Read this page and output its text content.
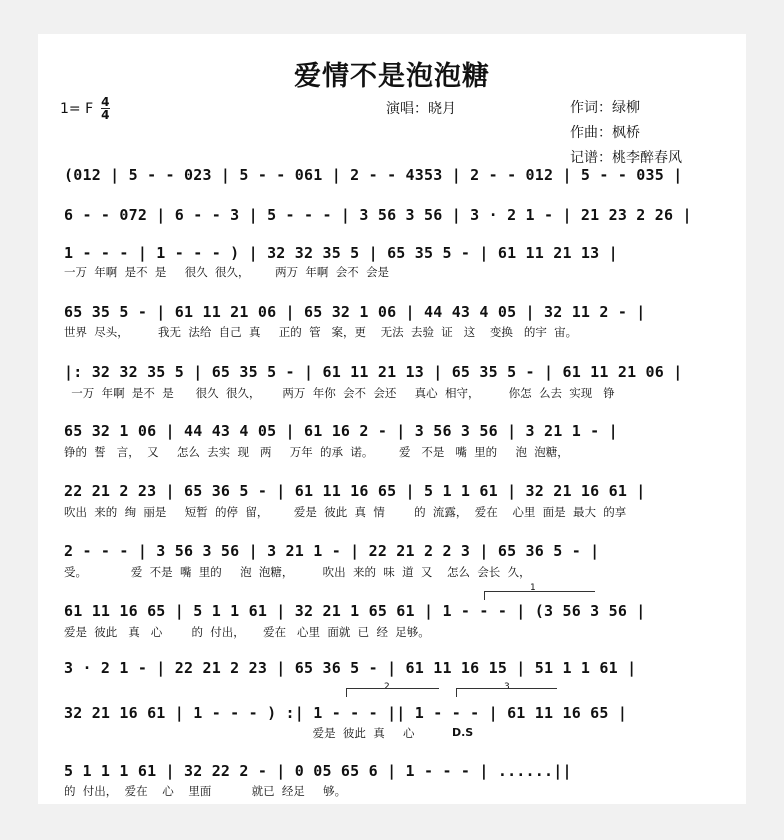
爱情不是泡泡糖
1= F 4
4	演唱：晓月	作词：绿柳
作曲：枫桥
记谱：桃李醉春风
(012 | 5 - - 023 | 5 - - 061 | 2 - - 4353 | 2 - - 012 | 5 - - 035 |
6 - - 072 | 6 - - 3 | 5 - - - | 3 56 3 56 | 3 · 2 1 - | 21 23 2 26 |
1 - - - | 1 - - - ) | 32 32 35 5 | 65 35 5 - | 61 11 21 13 |
一万  年啊  是不  是     很久  很久，       两万  年啊  会不  会是
65 35 5 - | 61 11 21 06 | 65 32 1 06 | 44 43 4 05 | 32 11 2 - |
世界  尽头，        我无  法给  自己  真     正的  管   案，更    无法  去验  证   这    变换   的宇  宙。
|: 32 32 35 5 | 65 35 5 - | 61 11 21 13 | 65 35 5 - | 61 11 21 06 |
一万  年啊  是不  是      很久  很久，      两万  年你  会不  会还     真心  相守，        你怎  么去  实现   铮
65 32 1 06 | 44 43 4 05 | 61 16 2 - | 3 56 3 56 | 3 21 1 - |
铮的  誓   言，  又     怎么  去实  现   两     万年  的承  诺。       爱   不是   嘴  里的     泡  泡糖，
22 21 2 23 | 65 36 5 - | 61 11 16 65 | 5 1 1 61 | 32 21 16 61 |
吹出  来的  绚  丽是     短暂  的停  留，       爱是  彼此  真  情        的  流露，  爱在    心里  面是  最大  的享
2 - - - | 3 56 3 56 | 3 21 1 - | 22 21 2 2 3 | 65 36 5 - |
受。            爱  不是  嘴  里的     泡  泡糖，        吹出  来的  味  道  又    怎么  会长  久，
61 11 16 65 | 5 1 1 61 | 32 21 1 65 61 | 1 - - - | (3 56 3 56 |
爱是  彼此   真   心        的  付出，     爱在   心里  面就  已  经  足够。
1
3 · 2 1 - | 22 21 2 23 | 65 36 5 - | 61 11 16 15 | 51 1 1 61 |
2	3
32 21 16 61 | 1 - - - ) :| 1 - - - || 1 - - - | 61 11 16 65 |
爱是  彼此  真     心	D.S
5 1 1 1 61 | 32 22 2 - | 0 05 65 6 | 1 - - - | ......||
的  付出，  爱在    心    里面           就已  经足     够。
